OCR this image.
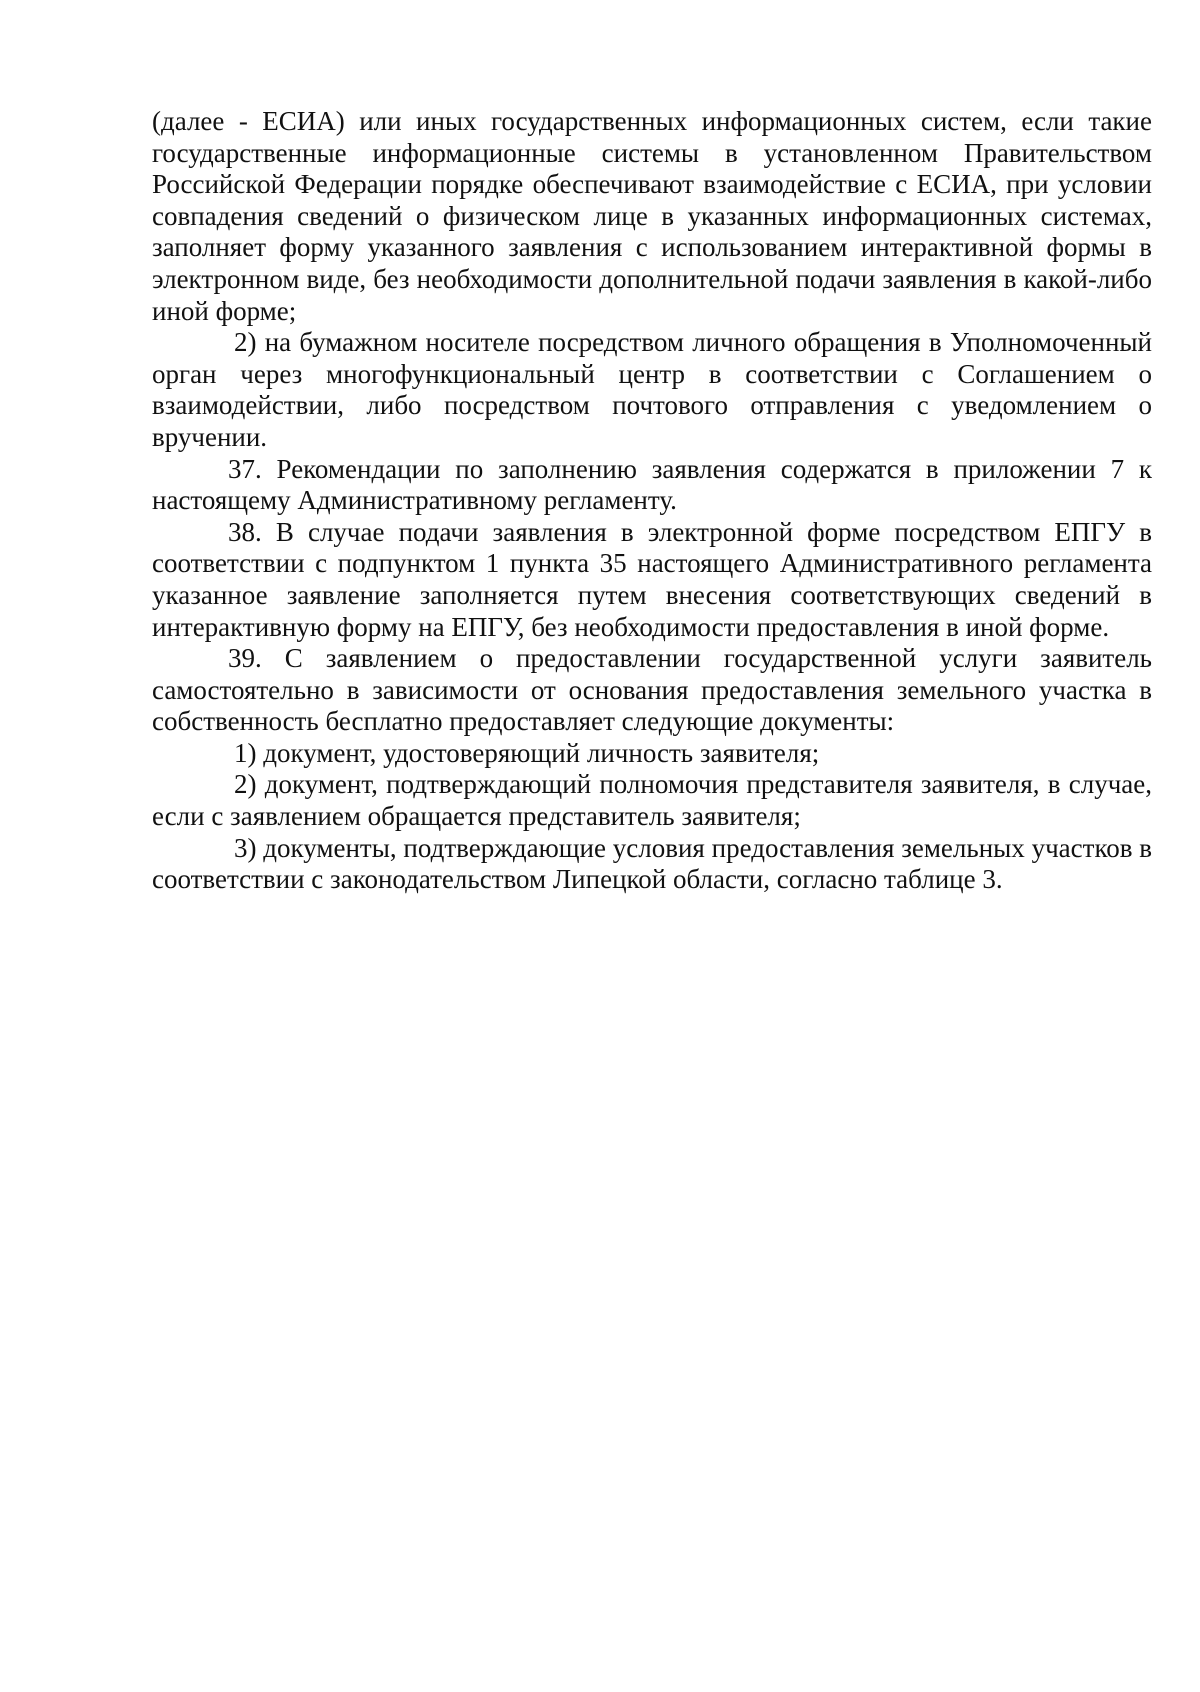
(далее - ЕСИА) или иных государственных информационных систем, если такие государственные информационные системы в установленном Правительством Российской Федерации порядке обеспечивают взаимодействие с ЕСИА, при условии совпадения сведений о физическом лице в указанных информационных системах, заполняет форму указанного заявления с использованием интерактивной формы в электронном виде, без необходимости дополнительной подачи заявления в какой-либо иной форме;

2) на бумажном носителе посредством личного обращения в Уполномоченный орган через многофункциональный центр в соответствии с Соглашением о взаимодействии, либо посредством почтового отправления с уведомлением о вручении.

37. Рекомендации по заполнению заявления содержатся в приложении 7 к настоящему Административному регламенту.

38. В случае подачи заявления в электронной форме посредством ЕПГУ в соответствии с подпунктом 1 пункта 35 настоящего Административного регламента указанное заявление заполняется путем внесения соответствующих сведений в интерактивную форму на ЕПГУ, без необходимости предоставления в иной форме.

39. С заявлением о предоставлении государственной услуги заявитель самостоятельно в зависимости от основания предоставления земельного участка в собственность бесплатно предоставляет следующие документы:

1) документ, удостоверяющий личность заявителя;

2) документ, подтверждающий полномочия представителя заявителя, в случае, если с заявлением обращается представитель заявителя;

3) документы, подтверждающие условия предоставления земельных участков в соответствии с законодательством Липецкой области, согласно таблице 3.
